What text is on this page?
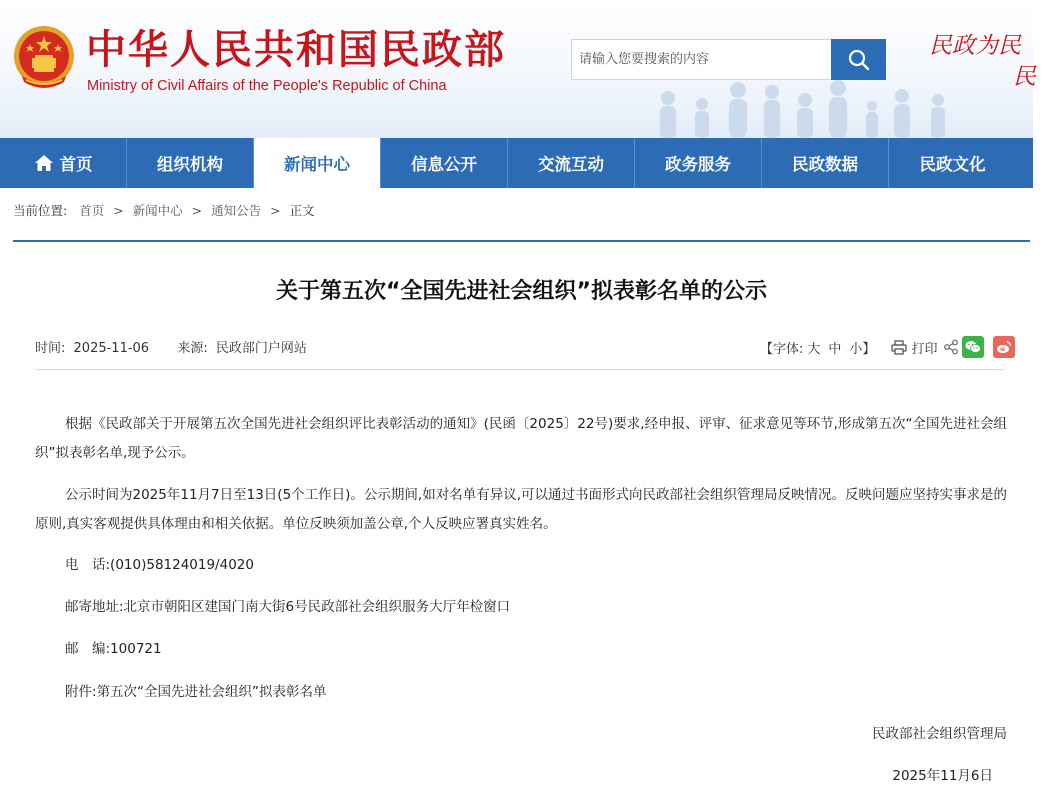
中华人民共和国民政部
Ministry of Civil Affairs of the People's Republic of China
请输入您要搜索的内容
民政为民
民
首页	组织机构	新闻中心	信息公开	交流互动	政务服务	民政数据	民政文化
当前位置: 首页 > 新闻中心 > 通知公告 > 正文
关于第五次“全国先进社会组织”拟表彰名单的公示
时间: 2025-11-06 来源: 民政部门户网站	【字体: 大 中 小】	打印

根据《民政部关于开展第五次全国先进社会组织评比表彰活动的通知》(民函〔2025〕22号)要求,经申报、评审、征求意见等环节,形成第五次“全国先进社会组织”拟表彰名单,现予公示。

公示时间为2025年11月7日至13日(5个工作日)。公示期间,如对名单有异议,可以通过书面形式向民政部社会组织管理局反映情况。反映问题应坚持实事求是的原则,真实客观提供具体理由和相关依据。单位反映须加盖公章,个人反映应署真实姓名。

电　话:(010)58124019/4020
邮寄地址:北京市朝阳区建国门南大街6号民政部社会组织服务大厅年检窗口
邮　编:100721
附件:第五次“全国先进社会组织”拟表彰名单
民政部社会组织管理局
2025年11月6日
